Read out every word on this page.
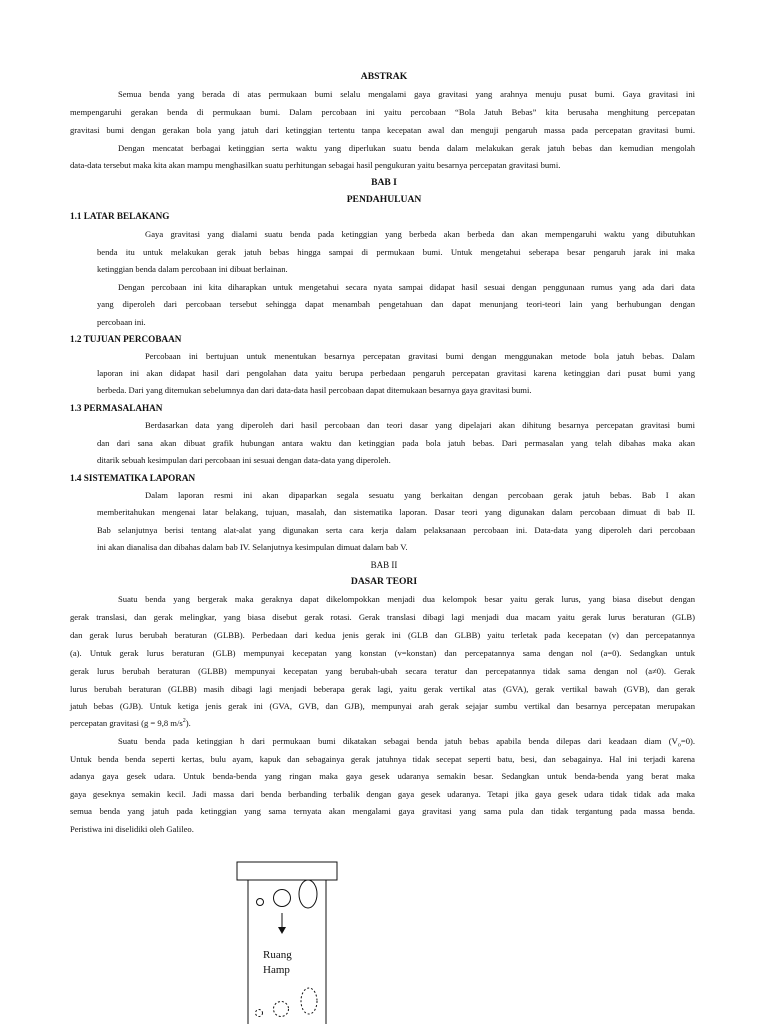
ABSTRAK
Semua benda yang berada di atas permukaan bumi selalu mengalami gaya gravitasi yang arahnya menuju pusat bumi. Gaya gravitasi ini
mempengaruhi gerakan benda di permukaan bumi. Dalam percobaan ini yaitu percobaan “Bola Jatuh Bebas” kita berusaha menghitung percepatan
gravitasi bumi dengan gerakan bola yang jatuh dari ketinggian tertentu tanpa kecepatan awal dan menguji pengaruh massa pada percepatan gravitasi bumi.
Dengan mencatat berbagai ketinggian serta waktu yang diperlukan suatu benda dalam melakukan gerak jatuh bebas dan kemudian mengolah
data-data tersebut maka kita akan mampu menghasilkan suatu perhitungan sebagai hasil pengukuran yaitu besarnya percepatan gravitasi bumi.
BAB I
PENDAHULUAN
1.1 LATAR BELAKANG
Gaya gravitasi yang dialami suatu benda pada ketinggian yang berbeda akan berbeda dan akan mempengaruhi waktu yang dibutuhkan
benda itu untuk melakukan gerak jatuh bebas hingga sampai di permukaan bumi. Untuk mengetahui seberapa besar pengaruh jarak ini maka
ketinggian benda dalam percobaan ini dibuat berlainan.
Dengan percobaan ini kita diharapkan untuk mengetahui secara nyata sampai didapat hasil sesuai dengan penggunaan rumus yang ada dari data
yang diperoleh dari percobaan tersebut sehingga dapat menambah pengetahuan dan dapat menunjang teori-teori lain yang berhubungan dengan
percobaan ini.
1.2 TUJUAN PERCOBAAN
Percobaan ini bertujuan untuk menentukan besarnya percepatan gravitasi bumi dengan menggunakan metode bola jatuh bebas. Dalam
laporan ini akan didapat hasil dari pengolahan data yaitu berupa perbedaan pengaruh percepatan gravitasi karena ketinggian dari pusat bumi yang
berbeda. Dari yang ditemukan sebelumnya dan dari data-data hasil percobaan dapat ditemukaan besarnya gaya gravitasi bumi.
1.3 PERMASALAHAN
Berdasarkan data yang diperoleh dari hasil percobaan dan teori dasar yang dipelajari akan dihitung besarnya percepatan gravitasi bumi
dan dari sana akan dibuat grafik hubungan antara waktu dan ketinggian pada bola jatuh bebas. Dari permasalan yang telah dibahas maka akan
ditarik sebuah kesimpulan dari percobaan ini sesuai dengan data-data yang diperoleh.
1.4 SISTEMATIKA LAPORAN
Dalam laporan resmi ini akan dipaparkan segala sesuatu yang berkaitan dengan percobaan gerak jatuh bebas. Bab I akan
memberitahukan mengenai latar belakang, tujuan, masalah, dan sistematika laporan. Dasar teori yang digunakan dalam percobaan dimuat di bab II.
Bab selanjutnya berisi tentang alat-alat yang digunakan serta cara kerja dalam pelaksanaan percobaan ini. Data-data yang diperoleh dari percobaan
ini akan dianalisa dan dibahas dalam bab IV. Selanjutnya kesimpulan dimuat dalam bab V.
BAB II
DASAR TEORI
Suatu benda yang bergerak maka geraknya dapat dikelompokkan menjadi dua kelompok besar yaitu gerak lurus, yang biasa disebut dengan
gerak translasi, dan gerak melingkar, yang biasa disebut gerak rotasi. Gerak translasi dibagi lagi menjadi dua macam yaitu gerak lurus beraturan (GLB)
dan gerak lurus berubah beraturan (GLBB). Perbedaan dari kedua jenis gerak ini (GLB dan GLBB) yaitu terletak pada kecepatan (v) dan percepatannya
(a). Untuk gerak lurus beraturan (GLB) mempunyai kecepatan yang konstan (v=konstan) dan percepatannya sama dengan nol (a=0). Sedangkan untuk
gerak lurus berubah beraturan (GLBB) mempunyai kecepatan yang berubah-ubah secara teratur dan percepatannya tidak sama dengan nol (a≠0). Gerak
lurus berubah beraturan (GLBB) masih dibagi lagi menjadi beberapa gerak lagi, yaitu gerak vertikal atas (GVA), gerak vertikal bawah (GVB), dan gerak
jatuh bebas (GJB). Untuk ketiga jenis gerak ini (GVA, GVB, dan GJB), mempunyai arah gerak sejajar sumbu vertikal dan besarnya percepatan merupakan
percepatan gravitasi (g = 9,8 $m/s^2$).
Suatu benda pada ketinggian h dari permukaan bumi dikatakan sebagai benda jatuh bebas apabila benda dilepas dari keadaan diam $(V_o=0)$.
Untuk benda benda seperti kertas, bulu ayam, kapuk dan sebagainya gerak jatuhnya tidak secepat seperti batu, besi, dan sebagainya. Hal ini terjadi karena
adanya gaya gesek udara. Untuk benda-benda yang ringan maka gaya gesek udaranya semakin besar. Sedangkan untuk benda-benda yang berat maka
gaya geseknya semakin kecil. Jadi massa dari benda berbanding terbalik dengan gaya gesek udaranya. Tetapi jika gaya gesek udara tidak tidak ada maka
semua benda yang jatuh pada ketinggian yang sama ternyata akan mengalami gaya gravitasi yang sama pula dan tidak tergantung pada massa benda.
Peristiwa ini diselidiki oleh Galileo.
Ruang
Hamp
